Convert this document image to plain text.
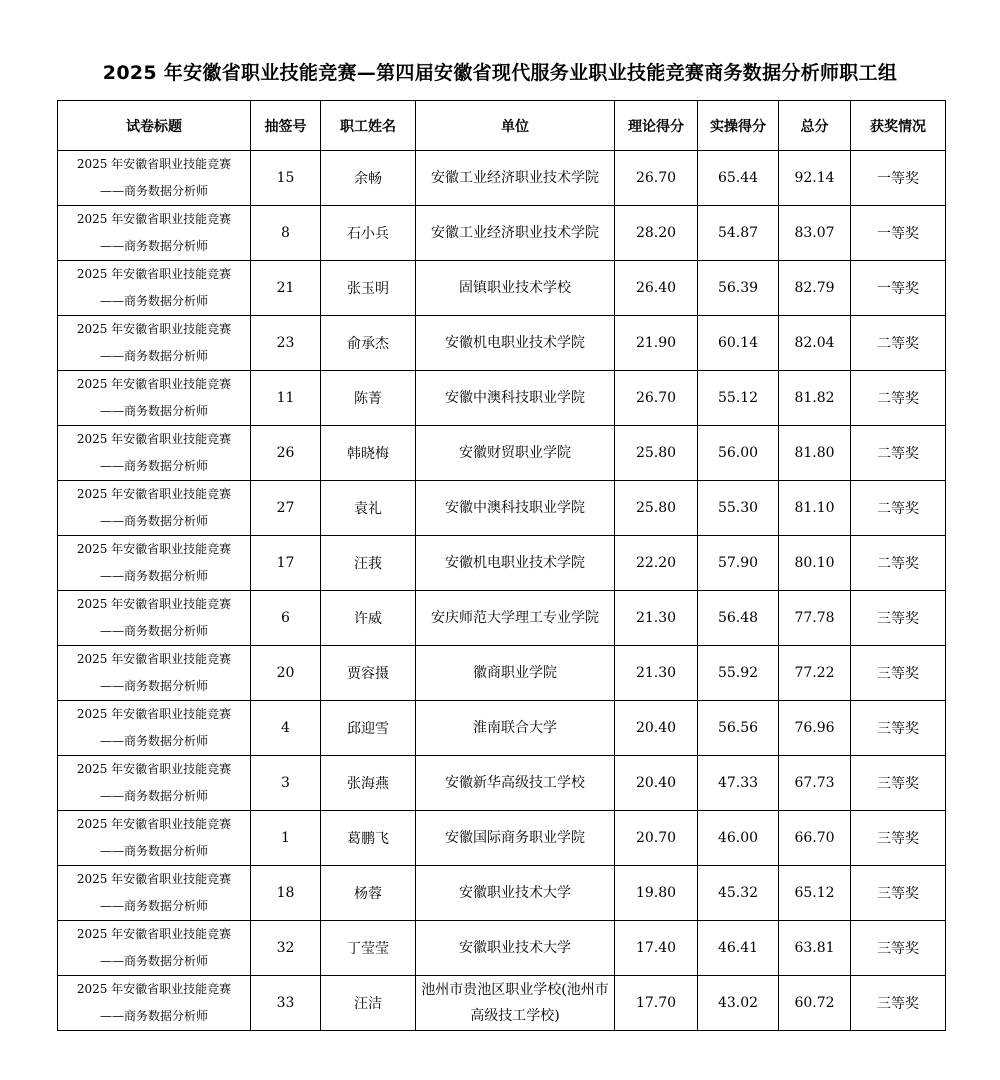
2025 年安徽省职业技能竞赛—第四届安徽省现代服务业职业技能竞赛商务数据分析师职工组
试卷标题	抽签号	职工姓名	单位	理论得分	实操得分	总分	获奖情况

2025 年安徽省职业技能竞赛
——商务数据分析师	15	余畅	安徽工业经济职业技术学院	26.70	65.44	92.14	一等奖

2025 年安徽省职业技能竞赛
——商务数据分析师	8	石小兵	安徽工业经济职业技术学院	28.20	54.87	83.07	一等奖

2025 年安徽省职业技能竞赛
——商务数据分析师	21	张玉明	固镇职业技术学校	26.40	56.39	82.79	一等奖

2025 年安徽省职业技能竞赛
——商务数据分析师	23	俞承杰	安徽机电职业技术学院	21.90	60.14	82.04	二等奖

2025 年安徽省职业技能竞赛
——商务数据分析师	11	陈菁	安徽中澳科技职业学院	26.70	55.12	81.82	二等奖

2025 年安徽省职业技能竞赛
——商务数据分析师	26	韩晓梅	安徽财贸职业学院	25.80	56.00	81.80	二等奖

2025 年安徽省职业技能竞赛
——商务数据分析师	27	袁礼	安徽中澳科技职业学院	25.80	55.30	81.10	二等奖

2025 年安徽省职业技能竞赛
——商务数据分析师	17	汪莪	安徽机电职业技术学院	22.20	57.90	80.10	二等奖

2025 年安徽省职业技能竞赛
——商务数据分析师	6	许威	安庆师范大学理工专业学院	21.30	56.48	77.78	三等奖

2025 年安徽省职业技能竞赛
——商务数据分析师	20	贾容摄	徽商职业学院	21.30	55.92	77.22	三等奖

2025 年安徽省职业技能竞赛
——商务数据分析师	4	邱迎雪	淮南联合大学	20.40	56.56	76.96	三等奖

2025 年安徽省职业技能竞赛
——商务数据分析师	3	张海燕	安徽新华高级技工学校	20.40	47.33	67.73	三等奖

2025 年安徽省职业技能竞赛
——商务数据分析师	1	葛鹏飞	安徽国际商务职业学院	20.70	46.00	66.70	三等奖

2025 年安徽省职业技能竞赛
——商务数据分析师	18	杨蓉	安徽职业技术大学	19.80	45.32	65.12	三等奖

2025 年安徽省职业技能竞赛
——商务数据分析师	32	丁莹莹	安徽职业技术大学	17.40	46.41	63.81	三等奖

2025 年安徽省职业技能竞赛
——商务数据分析师	33	汪洁	池州市贵池区职业学校(池州市高级技工学校)	17.70	43.02	60.72	三等奖
